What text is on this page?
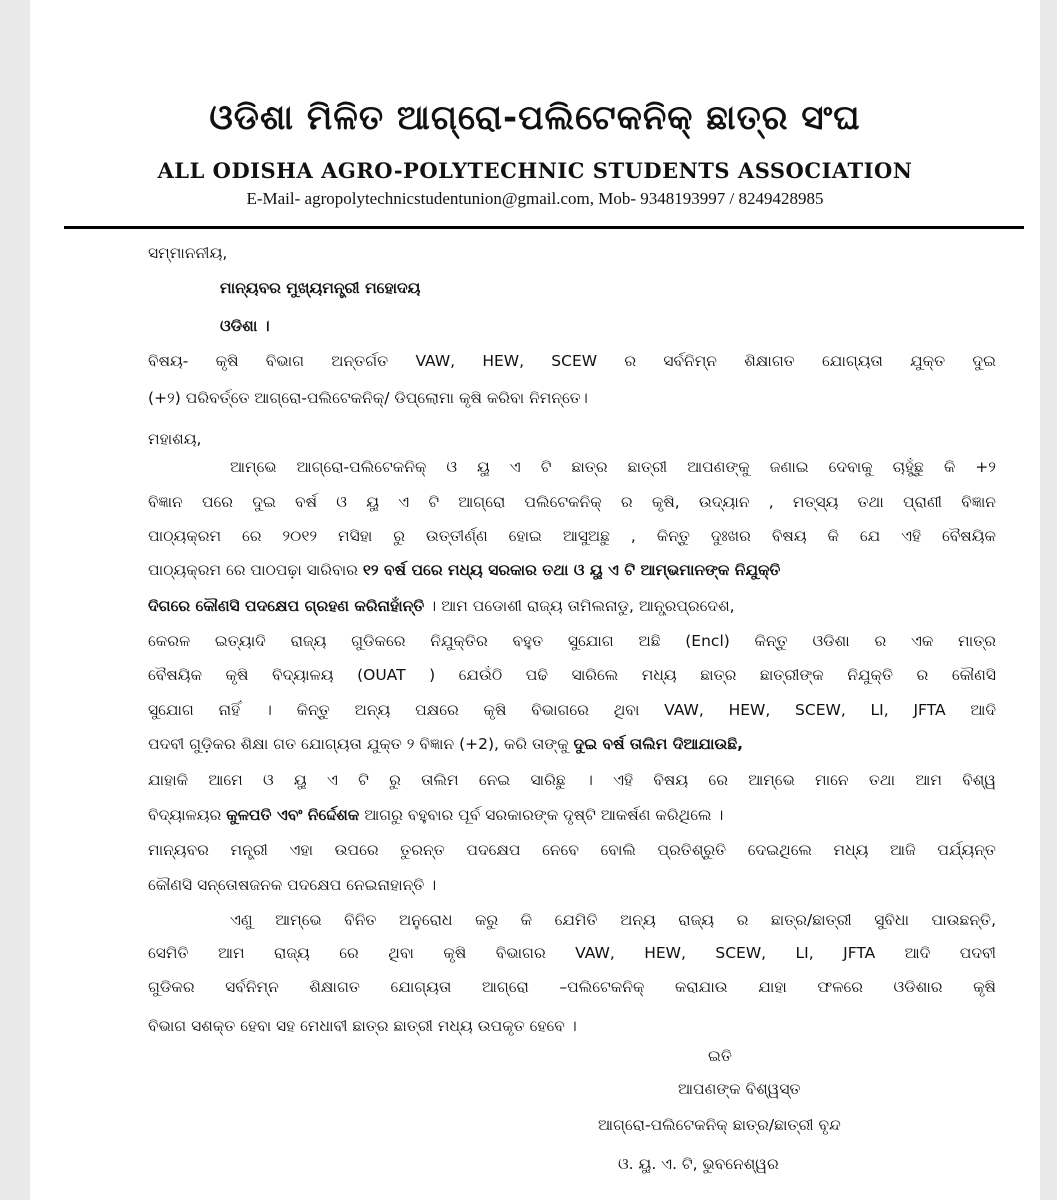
ଓଡିଶା ମିଳିତ ଆଗ୍ରୋ-ପଲିଟେକନିକ୍ ଛାତ୍ର ସଂଘ
ALL ODISHA AGRO-POLYTECHNIC STUDENTS ASSOCIATION
E-Mail- agropolytechnicstudentunion@gmail.com, Mob- 9348193997 / 8249428985
ସମ୍ମାନନୀୟ,
ମାନ୍ୟବର ମୁଖ୍ୟମନ୍ତ୍ରୀ ମହୋଦୟ
ଓଡିଶା ।
ବିଷୟ- କୃଷି ବିଭାଗ ଅନ୍ତର୍ଗତ VAW, HEW, SCEW ର ସର୍ବନିମ୍ନ ଶିକ୍ଷାଗତ ଯୋଗ୍ୟତା ଯୁକ୍ତ ଦୁଇ
(+୨) ପରିବର୍ତ୍ତେ ଆଗ୍ରୋ-ପଲିଟେକନିକ୍/ ଡିପ୍ଲୋମା କୃଷି କରିବା ନିମନ୍ତେ।
ମହାଶୟ,
ଆମ୍ଭେ ଆଗ୍ରୋ-ପଲିଟେକନିକ୍ ଓ ୟୁ ଏ ଟି ଛାତ୍ର ଛାତ୍ରୀ ଆପଣଙ୍କୁ ଜଣାଇ ଦେବାକୁ ଚାହୁଁଛୁ କି +୨
ବିଜ୍ଞାନ ପରେ ଦୁଇ ବର୍ଷ ଓ ୟୁ ଏ ଟି ଆଗ୍ରୋ ପଲିଟେକନିକ୍ ର କୃଷି, ଉଦ୍ୟାନ , ମତ୍ସ୍ୟ ତଥା ପ୍ରାଣୀ ବିଜ୍ଞାନ
ପାଠ୍ୟକ୍ରମ ରେ ୨୦୧୨ ମସିହା ରୁ ଉତ୍ତୀର୍ଣ୍ଣ ହୋଇ ଆସୁଅଛୁ , କିନ୍ତୁ ଦୁଃଖର ବିଷୟ କି ଯେ ଏହି ବୈଷୟିକ
ପାଠ୍ୟକ୍ରମ ରେ ପାଠପଢ଼ା ସାରିବାର ୧୨ ବର୍ଷ ପରେ ମଧ୍ୟ ସରକାର ତଥା ଓ ୟୁ ଏ ଟି ଆମ୍ଭମାନଙ୍କ ନିଯୁକ୍ତି
ଦିଗରେ କୌଣସି ପଦକ୍ଷେପ ଗ୍ରହଣ କରିନାହାଁନ୍ତି । ଆମ ପଡୋଶୀ ରାଜ୍ୟ ତାମିଲନାଡୁ, ଆନ୍ଧ୍ରପ୍ରଦେଶ,
କେରଳ ଇତ୍ୟାଦି ରାଜ୍ୟ ଗୁଡିକରେ ନିଯୁକ୍ତିର ବହୁତ ସୁଯୋଗ ଅଛି (Encl) କିନ୍ତୁ ଓଡିଶା ର ଏକ ମାତ୍ର
ବୈଷୟିକ କୃଷି ବିଦ୍ୟାଳୟ (OUAT ) ଯେଉଁଠି ପଢି ସାରିଲେ ମଧ୍ୟ ଛାତ୍ର ଛାତ୍ରୀଙ୍କ ନିଯୁକ୍ତି ର କୌଣସି
ସୁଯୋଗ ନାହିଁ । କିନ୍ତୁ ଅନ୍ୟ ପକ୍ଷରେ କୃଷି ବିଭାଗରେ ଥିବା VAW, HEW, SCEW, LI, JFTA ଆଦି
ପଦବୀ ଗୁଡ଼ିକର ଶିକ୍ଷା ଗତ ଯୋଗ୍ୟତା ଯୁକ୍ତ ୨ ବିଜ୍ଞାନ (+2), କରି ତାଙ୍କୁ ଦୁଇ ବର୍ଷ ତାଲିମ ଦିଆଯାଉଛି,
ଯାହାକି ଆମେ ଓ ୟୁ ଏ ଟି ରୁ ତାଲିମ ନେଇ ସାରିଛୁ । ଏହି ବିଷୟ ରେ ଆମ୍ଭେ ମାନେ ତଥା ଆମ ବିଶ୍ୱ
ବିଦ୍ୟାଳୟର କୁଳପତି ଏବଂ ନିର୍ଦ୍ଦେଶକ ଆଗରୁ ବହୁବାର ପୂର୍ବ ସରକାରଙ୍କ ଦୃଷ୍ଟି ଆକର୍ଷଣ କରିଥିଲେ ।
ମାନ୍ୟବର ମନ୍ତ୍ରୀ ଏହା ଉପରେ ତୁରନ୍ତ ପଦକ୍ଷେପ ନେବେ ବୋଲି ପ୍ରତିଶ୍ରୁତି ଦେଇଥିଲେ ମଧ୍ୟ ଆଜି ପର୍ଯ୍ୟନ୍ତ
କୌଣସି ସନ୍ତୋଷଜନକ ପଦକ୍ଷେପ ନେଇନାହାନ୍ତି ।
ଏଣୁ ଆମ୍ଭେ ବିନିତ ଅନୁରୋଧ କରୁ କି ଯେମିତି ଅନ୍ୟ ରାଜ୍ୟ ର ଛାତ୍ର/ଛାତ୍ରୀ ସୁବିଧା ପାଉଛନ୍ତି,
ସେମିତି ଆମ ରାଜ୍ୟ ରେ ଥିବା କୃଷି ବିଭାଗର VAW, HEW, SCEW, LI, JFTA ଆଦି ପଦବୀ
ଗୁଡିକର ସର୍ବନିମ୍ନ ଶିକ୍ଷାଗତ ଯୋଗ୍ୟତା ଆଗ୍ରୋ –ପଲିଟେକନିକ୍ କରାଯାଉ ଯାହା ଫଳରେ ଓଡିଶାର କୃଷି
ବିଭାଗ ସଶକ୍ତ ହେବା ସହ ମେଧାବୀ ଛାତ୍ର ଛାତ୍ରୀ ମଧ୍ୟ ଉପକୃତ ହେବେ ।
ଇତି
ଆପଣଙ୍କ ବିଶ୍ୱସ୍ତ
ଆଗ୍ରୋ-ପଲିଟେକନିକ୍ ଛାତ୍ର/ଛାତ୍ରୀ ବୃନ୍ଦ
ଓ. ୟୁ. ଏ. ଟି, ଭୁବନେଶ୍ୱର
